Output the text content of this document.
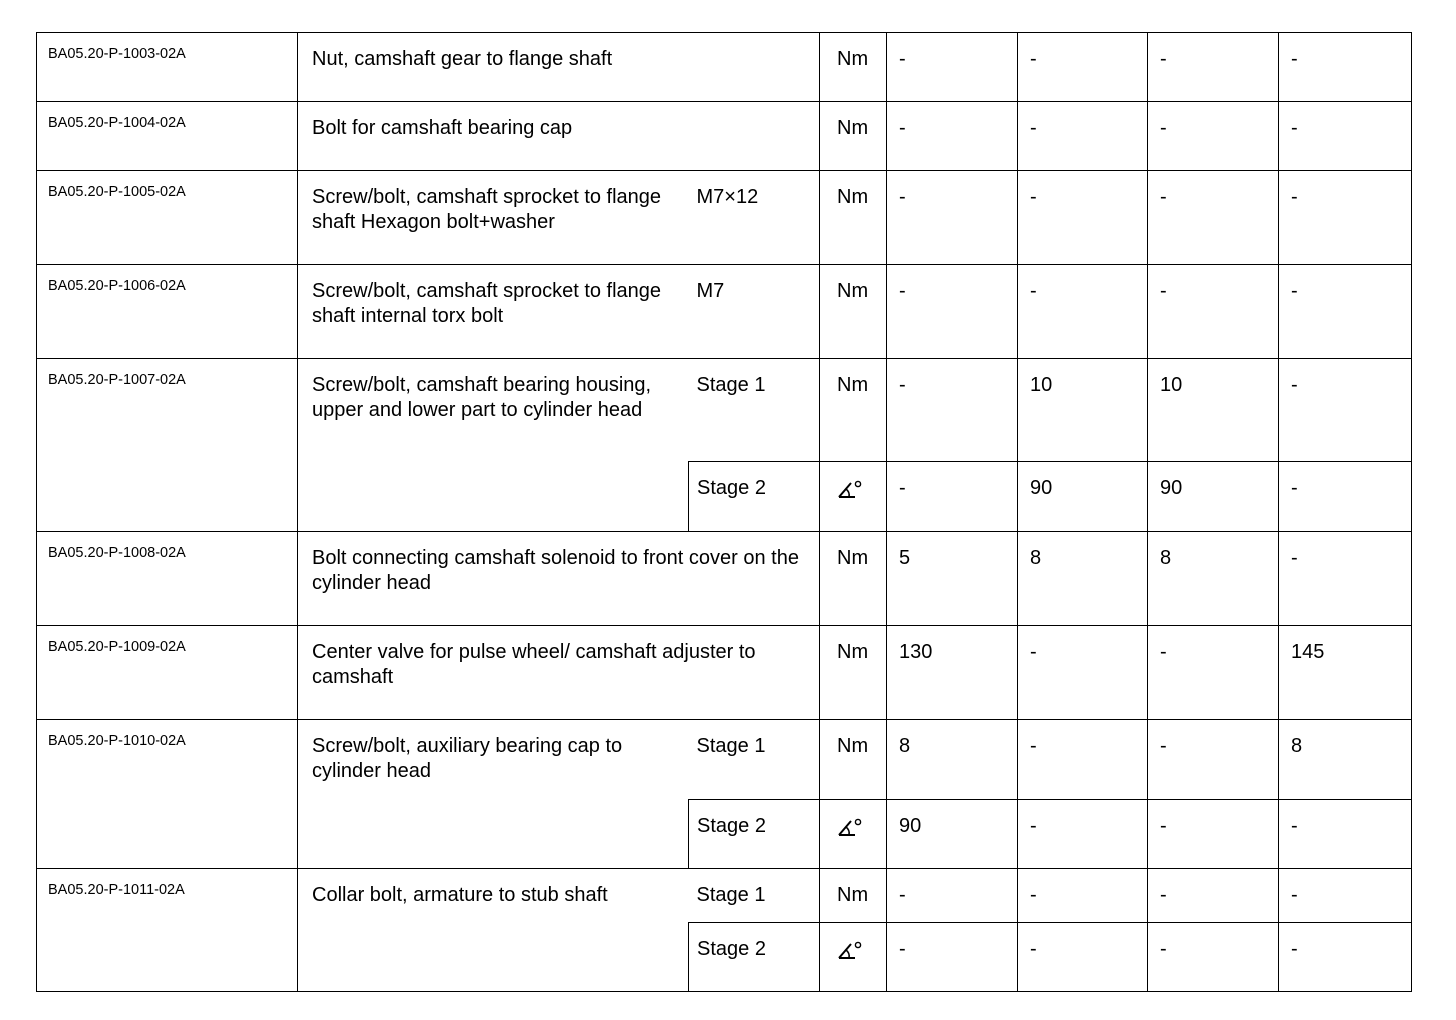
BA05.20-P-1003-02A	Nut, camshaft gear to flange shaft		Nm	-	-	-	-
BA05.20-P-1004-02A	Bolt for camshaft bearing cap		Nm	-	-	-	-
BA05.20-P-1005-02A	Screw/bolt, camshaft sprocket to flange shaft Hexagon bolt+washer	M7×12	Nm	-	-	-	-
BA05.20-P-1006-02A	Screw/bolt, camshaft sprocket to flange shaft internal torx bolt	M7	Nm	-	-	-	-
BA05.20-P-1007-02A	Screw/bolt, camshaft bearing housing, upper and lower part to cylinder head	Stage 1	Nm	-	10	10	-
		Stage 2		-	90	90	-
BA05.20-P-1008-02A	Bolt connecting camshaft solenoid to front cover on the cylinder head		Nm	5	8	8	-
BA05.20-P-1009-02A	Center valve for pulse wheel/ camshaft adjuster to camshaft		Nm	130	-	-	145
BA05.20-P-1010-02A	Screw/bolt, auxiliary bearing cap to cylinder head	Stage 1	Nm	8	-	-	8
		Stage 2		90	-	-	-
BA05.20-P-1011-02A	Collar bolt, armature to stub shaft	Stage 1	Nm	-	-	-	-
		Stage 2		-	-	-	-
